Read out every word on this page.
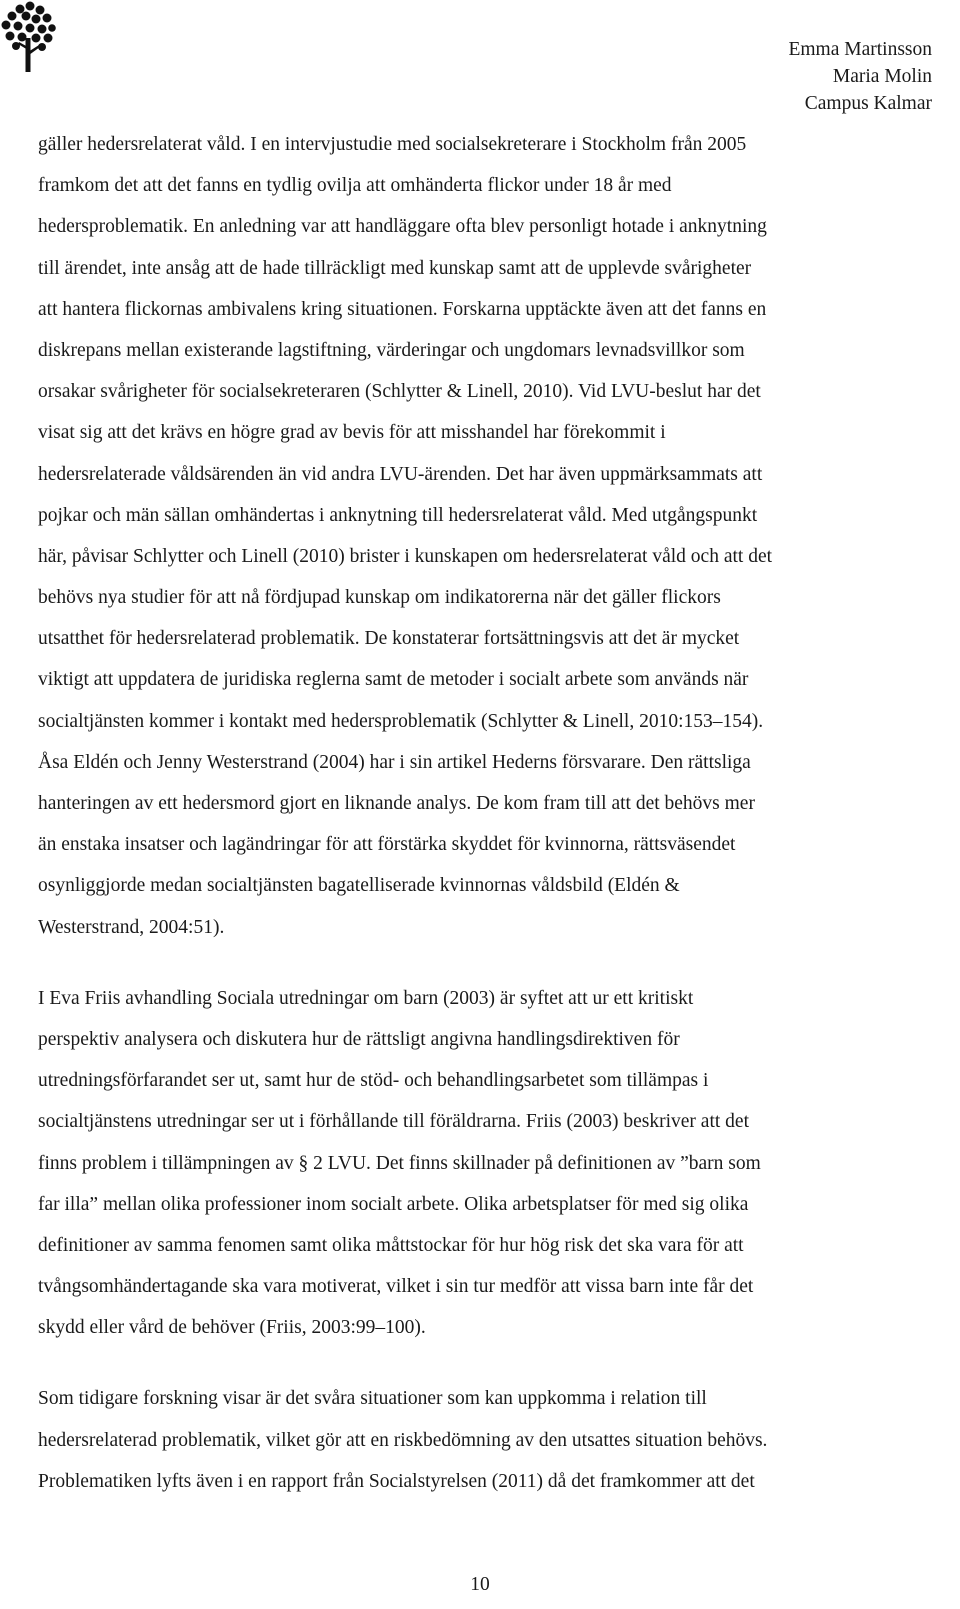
Emma Martinsson
Maria Molin
Campus Kalmar
gäller hedersrelaterat våld. I en intervjustudie med socialsekreterare i Stockholm från 2005
framkom det att det fanns en tydlig ovilja att omhänderta flickor under 18 år med
hedersproblematik. En anledning var att handläggare ofta blev personligt hotade i anknytning
till ärendet, inte ansåg att de hade tillräckligt med kunskap samt att de upplevde svårigheter
att hantera flickornas ambivalens kring situationen. Forskarna upptäckte även att det fanns en
diskrepans mellan existerande lagstiftning, värderingar och ungdomars levnadsvillkor som
orsakar svårigheter för socialsekreteraren (Schlytter & Linell, 2010). Vid LVU-beslut har det
visat sig att det krävs en högre grad av bevis för att misshandel har förekommit i
hedersrelaterade våldsärenden än vid andra LVU-ärenden. Det har även uppmärksammats att
pojkar och män sällan omhändertas i anknytning till hedersrelaterat våld. Med utgångspunkt
här, påvisar Schlytter och Linell (2010) brister i kunskapen om hedersrelaterat våld och att det
behövs nya studier för att nå fördjupad kunskap om indikatorerna när det gäller flickors
utsatthet för hedersrelaterad problematik. De konstaterar fortsättningsvis att det är mycket
viktigt att uppdatera de juridiska reglerna samt de metoder i socialt arbete som används när
socialtjänsten kommer i kontakt med hedersproblematik (Schlytter & Linell, 2010:153–154).
Åsa Eldén och Jenny Westerstrand (2004) har i sin artikel Hederns försvarare. Den rättsliga
hanteringen av ett hedersmord gjort en liknande analys. De kom fram till att det behövs mer
än enstaka insatser och lagändringar för att förstärka skyddet för kvinnorna, rättsväsendet
osynliggjorde medan socialtjänsten bagatelliserade kvinnornas våldsbild (Eldén &
Westerstrand, 2004:51).
I Eva Friis avhandling Sociala utredningar om barn (2003) är syftet att ur ett kritiskt
perspektiv analysera och diskutera hur de rättsligt angivna handlingsdirektiven för
utredningsförfarandet ser ut, samt hur de stöd- och behandlingsarbetet som tillämpas i
socialtjänstens utredningar ser ut i förhållande till föräldrarna. Friis (2003) beskriver att det
finns problem i tillämpningen av § 2 LVU. Det finns skillnader på definitionen av ”barn som
far illa” mellan olika professioner inom socialt arbete. Olika arbetsplatser för med sig olika
definitioner av samma fenomen samt olika måttstockar för hur hög risk det ska vara för att
tvångsomhändertagande ska vara motiverat, vilket i sin tur medför att vissa barn inte får det
skydd eller vård de behöver (Friis, 2003:99–100).
Som tidigare forskning visar är det svåra situationer som kan uppkomma i relation till
hedersrelaterad problematik, vilket gör att en riskbedömning av den utsattes situation behövs.
Problematiken lyfts även i en rapport från Socialstyrelsen (2011) då det framkommer att det
10
